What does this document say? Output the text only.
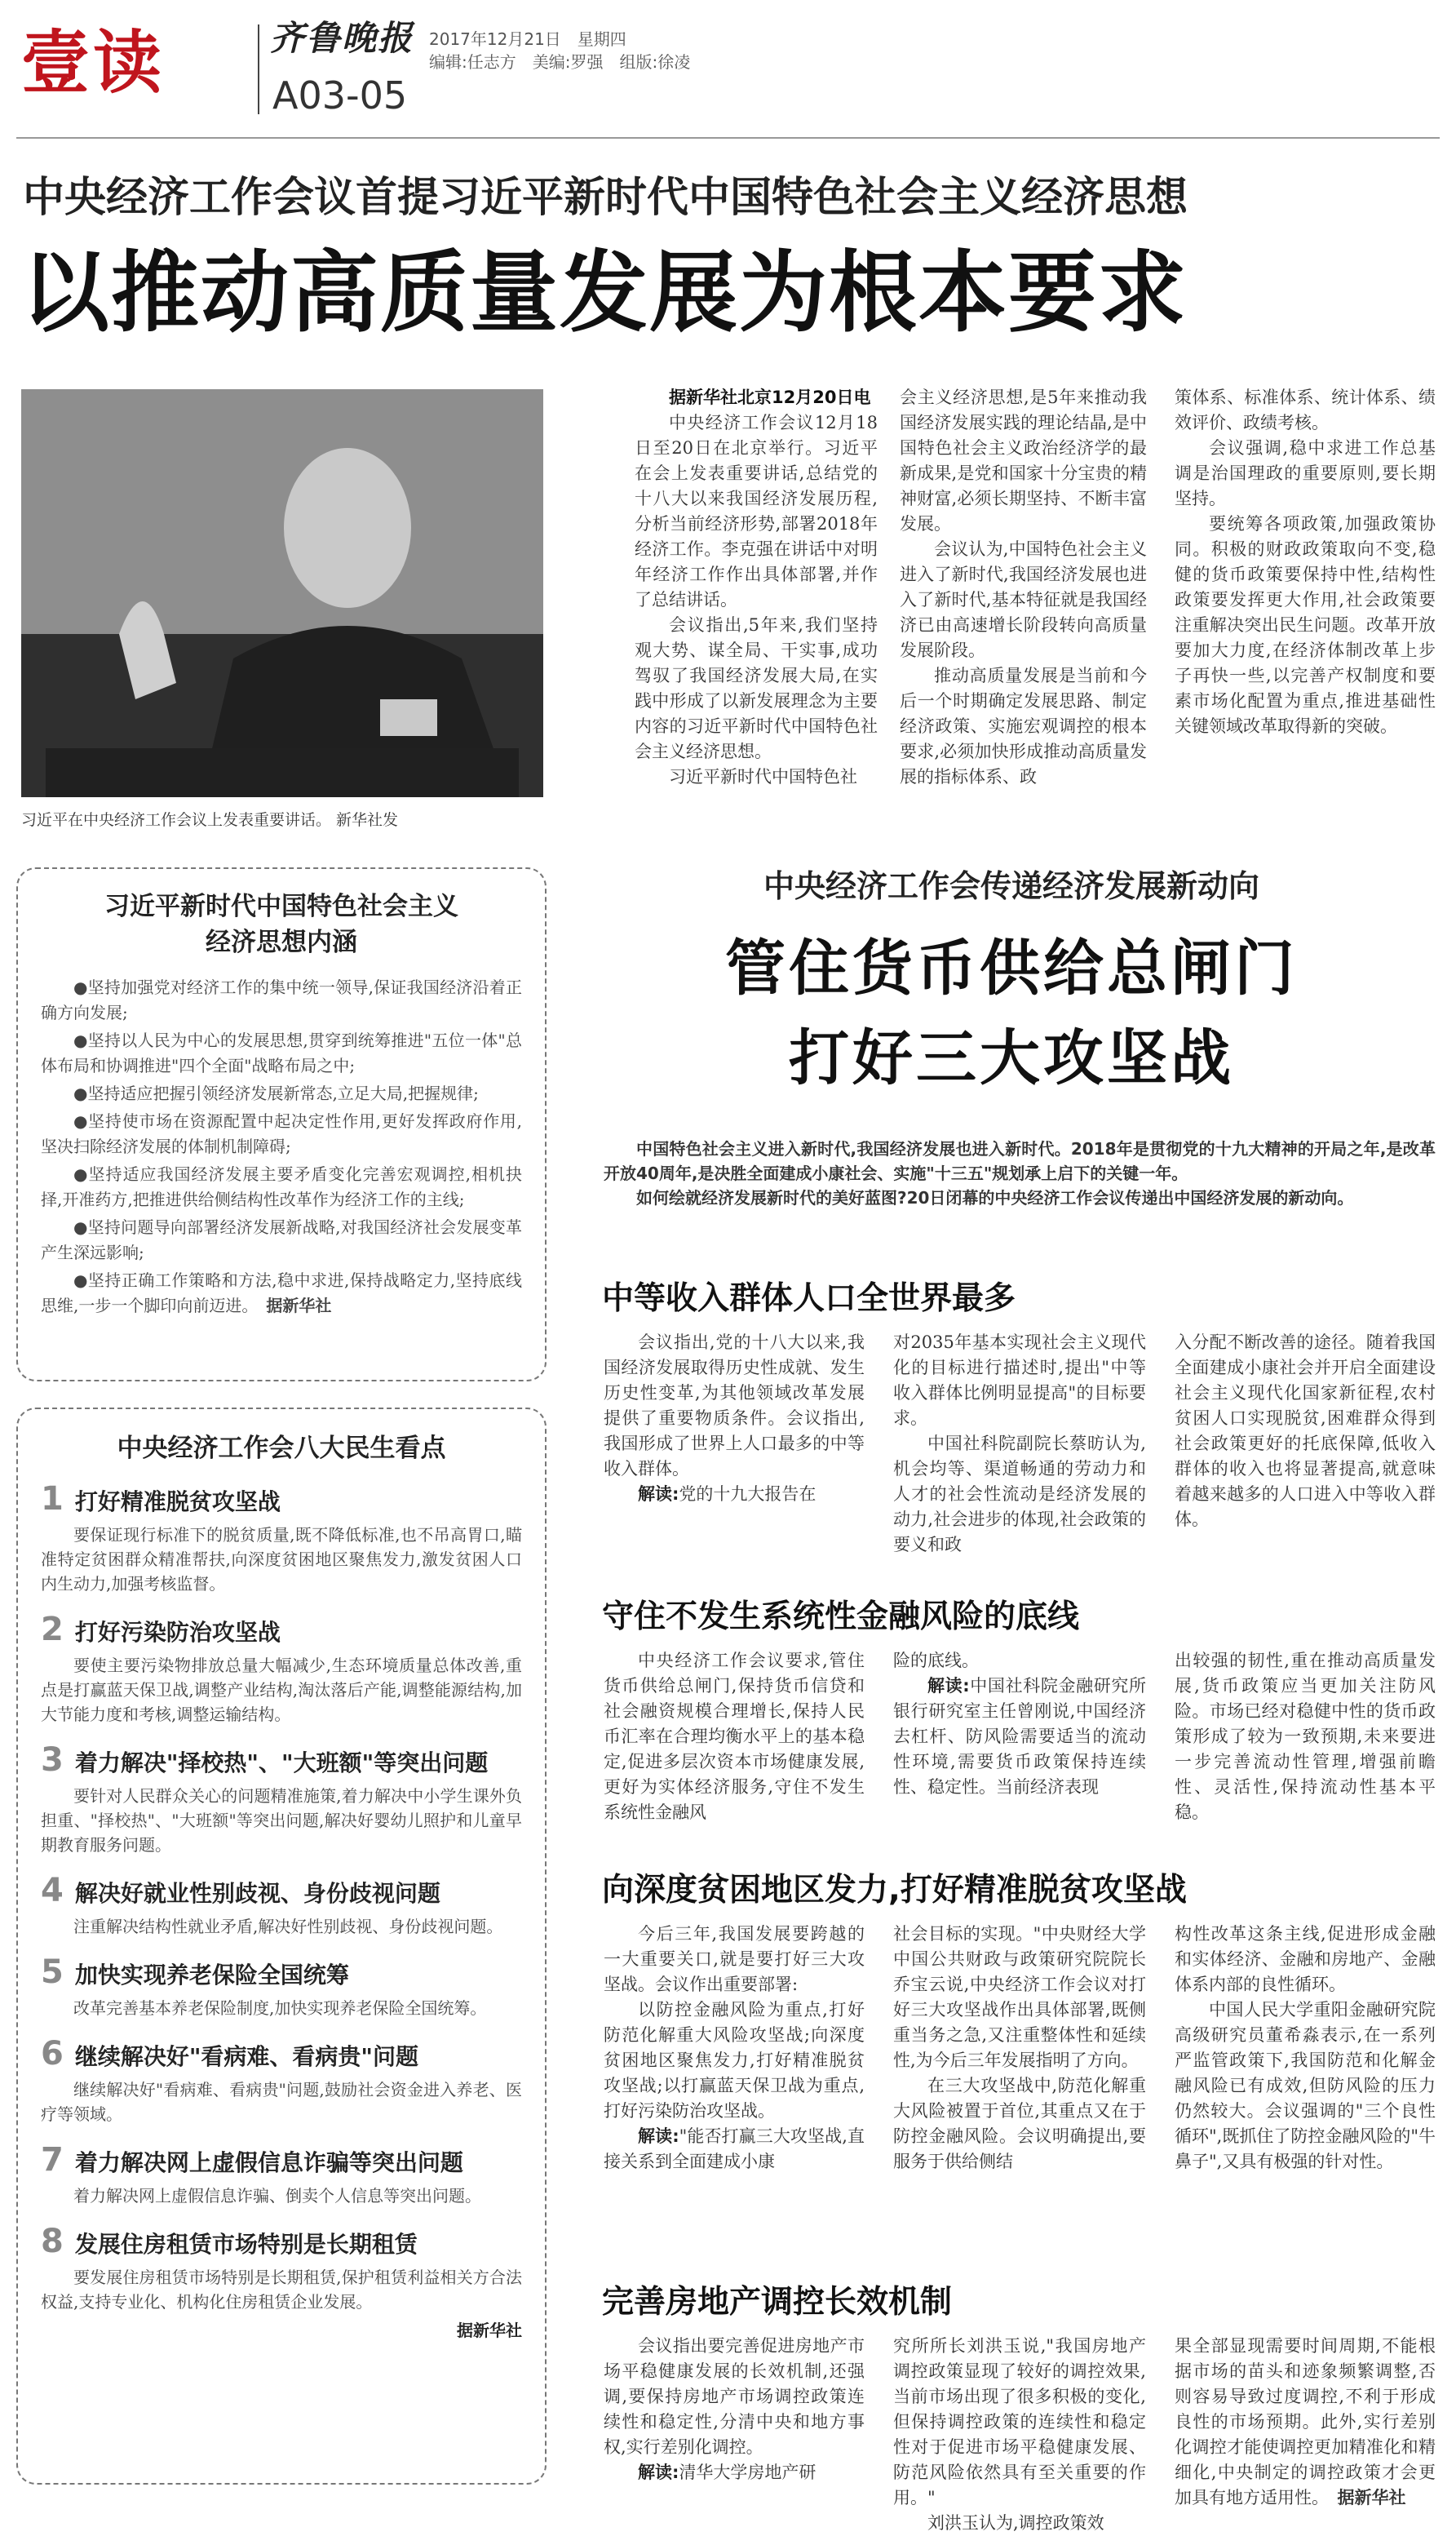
壹读	齐鲁晚报 2017年12月21日　星期四
编辑:任志方　美编:罗强　组版:徐凌
A03-05
中央经济工作会议首提习近平新时代中国特色社会主义经济思想
以推动高质量发展为根本要求
习近平在中央经济工作会议上发表重要讲话。 新华社发

据新华社北京12月20日电

中央经济工作会议12月18日至20日在北京举行。习近平在会上发表重要讲话,总结党的十八大以来我国经济发展历程,分析当前经济形势,部署2018年经济工作。李克强在讲话中对明年经济工作作出具体部署,并作了总结讲话。

会议指出,5年来,我们坚持观大势、谋全局、干实事,成功驾驭了我国经济发展大局,在实践中形成了以新发展理念为主要内容的习近平新时代中国特色社会主义经济思想。

习近平新时代中国特色社

会主义经济思想,是5年来推动我国经济发展实践的理论结晶,是中国特色社会主义政治经济学的最新成果,是党和国家十分宝贵的精神财富,必须长期坚持、不断丰富发展。

会议认为,中国特色社会主义进入了新时代,我国经济发展也进入了新时代,基本特征就是我国经济已由高速增长阶段转向高质量发展阶段。

推动高质量发展是当前和今后一个时期确定发展思路、制定经济政策、实施宏观调控的根本要求,必须加快形成推动高质量发展的指标体系、政

策体系、标准体系、统计体系、绩效评价、政绩考核。

会议强调,稳中求进工作总基调是治国理政的重要原则,要长期坚持。

要统筹各项政策,加强政策协同。积极的财政政策取向不变,稳健的货币政策要保持中性,结构性政策要发挥更大作用,社会政策要注重解决突出民生问题。改革开放要加大力度,在经济体制改革上步子再快一些,以完善产权制度和要素市场化配置为重点,推进基础性关键领域改革取得新的突破。

习近平新时代中国特色社会主义
经济思想内涵

●坚持加强党对经济工作的集中统一领导,保证我国经济沿着正确方向发展;

●坚持以人民为中心的发展思想,贯穿到统筹推进"五位一体"总体布局和协调推进"四个全面"战略布局之中;

●坚持适应把握引领经济发展新常态,立足大局,把握规律;

●坚持使市场在资源配置中起决定性作用,更好发挥政府作用,坚决扫除经济发展的体制机制障碍;

●坚持适应我国经济发展主要矛盾变化完善宏观调控,相机抉择,开准药方,把推进供给侧结构性改革作为经济工作的主线;

●坚持问题导向部署经济发展新战略,对我国经济社会发展变革产生深远影响;

●坚持正确工作策略和方法,稳中求进,保持战略定力,坚持底线思维,一步一个脚印向前迈进。　 据新华社

中央经济工作会八大民生看点
1 打好精准脱贫攻坚战
要保证现行标准下的脱贫质量,既不降低标准,也不吊高胃口,瞄准特定贫困群众精准帮扶,向深度贫困地区聚焦发力,激发贫困人口内生动力,加强考核监督。
2 打好污染防治攻坚战
要使主要污染物排放总量大幅减少,生态环境质量总体改善,重点是打赢蓝天保卫战,调整产业结构,淘汰落后产能,调整能源结构,加大节能力度和考核,调整运输结构。
3 着力解决"择校热"、"大班额"等突出问题
要针对人民群众关心的问题精准施策,着力解决中小学生课外负担重、"择校热"、"大班额"等突出问题,解决好婴幼儿照护和儿童早期教育服务问题。
4 解决好就业性别歧视、身份歧视问题
注重解决结构性就业矛盾,解决好性别歧视、身份歧视问题。
5 加快实现养老保险全国统筹
改革完善基本养老保险制度,加快实现养老保险全国统筹。
6 继续解决好"看病难、看病贵"问题
继续解决好"看病难、看病贵"问题,鼓励社会资金进入养老、医疗等领域。
7 着力解决网上虚假信息诈骗等突出问题
着力解决网上虚假信息诈骗、倒卖个人信息等突出问题。
8 发展住房租赁市场特别是长期租赁
要发展住房租赁市场特别是长期租赁,保护租赁利益相关方合法权益,支持专业化、机构化住房租赁企业发展。
据新华社
中央经济工作会传递经济发展新动向
管住货币供给总闸门
打好三大攻坚战

中国特色社会主义进入新时代,我国经济发展也进入新时代。2018年是贯彻党的十九大精神的开局之年,是改革开放40周年,是决胜全面建成小康社会、实施"十三五"规划承上启下的关键一年。

如何绘就经济发展新时代的美好蓝图?20日闭幕的中央经济工作会议传递出中国经济发展的新动向。

中等收入群体人口全世界最多

会议指出,党的十八大以来,我国经济发展取得历史性成就、发生历史性变革,为其他领域改革发展提供了重要物质条件。会议指出,我国形成了世界上人口最多的中等收入群体。

解读:党的十九大报告在

对2035年基本实现社会主义现代化的目标进行描述时,提出"中等收入群体比例明显提高"的目标要求。

中国社科院副院长蔡昉认为,机会均等、渠道畅通的劳动力和人才的社会性流动是经济发展的动力,社会进步的体现,社会政策的要义和政

入分配不断改善的途径。随着我国全面建成小康社会并开启全面建设社会主义现代化国家新征程,农村贫困人口实现脱贫,困难群众得到社会政策更好的托底保障,低收入群体的收入也将显著提高,就意味着越来越多的人口进入中等收入群体。

守住不发生系统性金融风险的底线

中央经济工作会议要求,管住货币供给总闸门,保持货币信贷和社会融资规模合理增长,保持人民币汇率在合理均衡水平上的基本稳定,促进多层次资本市场健康发展,更好为实体经济服务,守住不发生系统性金融风

险的底线。

解读:中国社科院金融研究所银行研究室主任曾刚说,中国经济去杠杆、防风险需要适当的流动性环境,需要货币政策保持连续性、稳定性。当前经济表现

出较强的韧性,重在推动高质量发展,货币政策应当更加关注防风险。市场已经对稳健中性的货币政策形成了较为一致预期,未来要进一步完善流动性管理,增强前瞻性、灵活性,保持流动性基本平稳。

向深度贫困地区发力,打好精准脱贫攻坚战

今后三年,我国发展要跨越的一大重要关口,就是要打好三大攻坚战。会议作出重要部署:

以防控金融风险为重点,打好防范化解重大风险攻坚战;向深度贫困地区聚焦发力,打好精准脱贫攻坚战;以打赢蓝天保卫战为重点,打好污染防治攻坚战。

解读:"能否打赢三大攻坚战,直接关系到全面建成小康

社会目标的实现。"中央财经大学中国公共财政与政策研究院院长乔宝云说,中央经济工作会议对打好三大攻坚战作出具体部署,既侧重当务之急,又注重整体性和延续性,为今后三年发展指明了方向。

在三大攻坚战中,防范化解重大风险被置于首位,其重点又在于防控金融风险。会议明确提出,要服务于供给侧结

构性改革这条主线,促进形成金融和实体经济、金融和房地产、金融体系内部的良性循环。

中国人民大学重阳金融研究院高级研究员董希淼表示,在一系列严监管政策下,我国防范和化解金融风险已有成效,但防风险的压力仍然较大。会议强调的"三个良性循环",既抓住了防控金融风险的"牛鼻子",又具有极强的针对性。

完善房地产调控长效机制

会议指出要完善促进房地产市场平稳健康发展的长效机制,还强调,要保持房地产市场调控政策连续性和稳定性,分清中央和地方事权,实行差别化调控。

解读:清华大学房地产研

究所所长刘洪玉说,"我国房地产调控政策显现了较好的调控效果,当前市场出现了很多积极的变化,但保持调控政策的连续性和稳定性对于促进市场平稳健康发展、防范风险依然具有至关重要的作用。"

刘洪玉认为,调控政策效

果全部显现需要时间周期,不能根据市场的苗头和迹象频繁调整,否则容易导致过度调控,不利于形成良性的市场预期。此外,实行差别化调控才能使调控更加精准化和精细化,中央制定的调控政策才会更加具有地方适用性。　 据新华社
